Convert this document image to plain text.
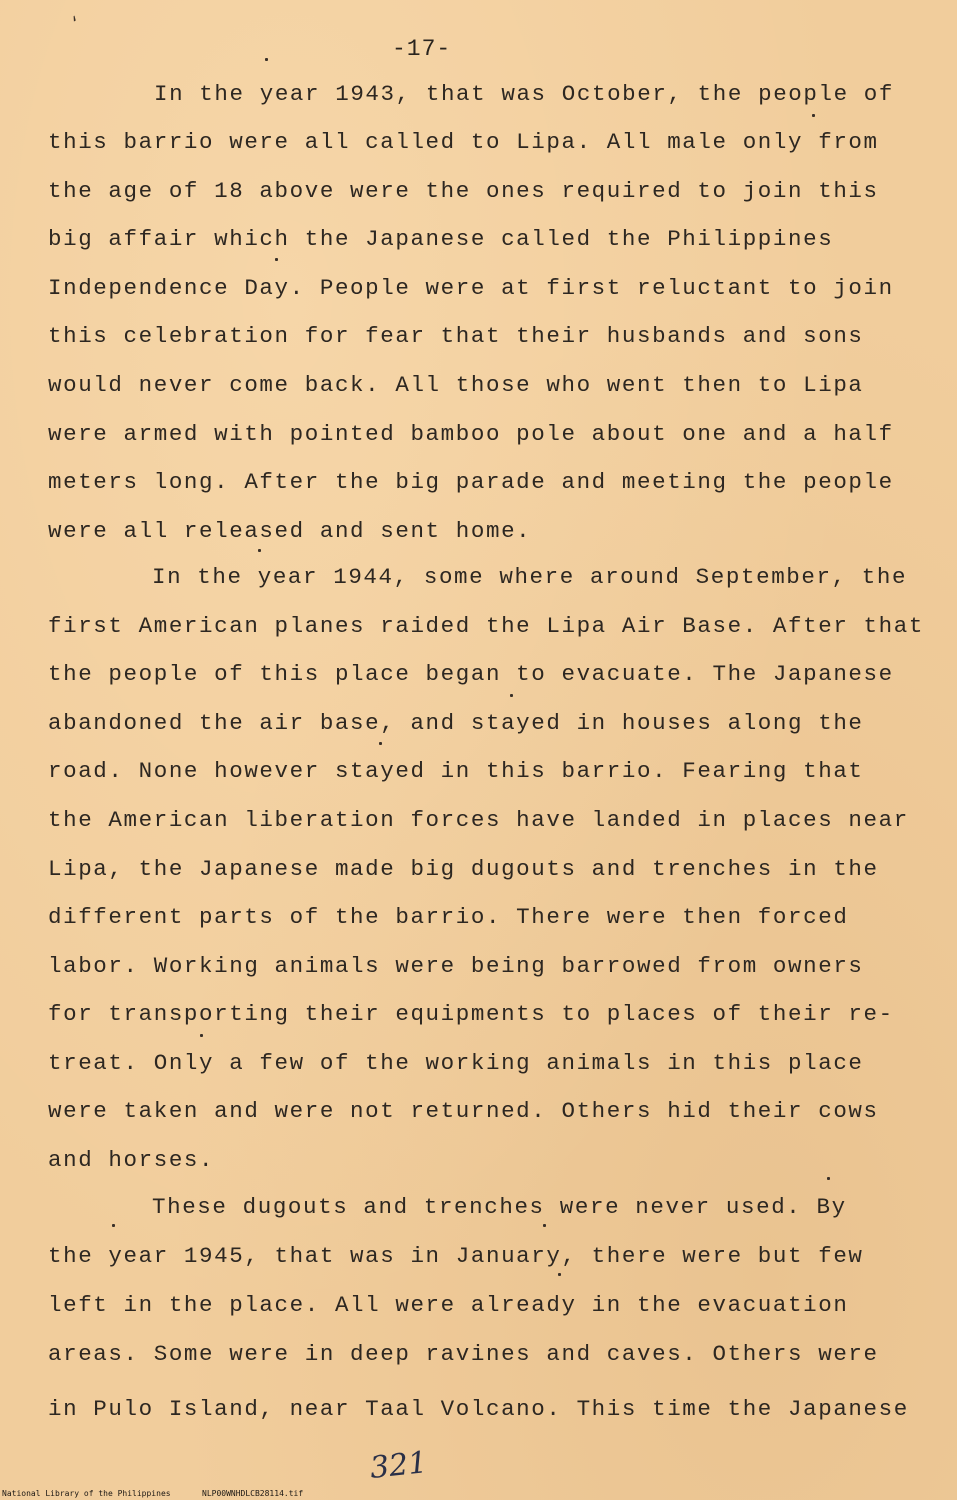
‘
-17-
In the year 1943, that was October, the people of
this barrio were all called to Lipa. All male only from
the age of 18 above were the ones required to join this
big affair which the Japanese called the Philippines
Independence Day. People were at first reluctant to join
this celebration for fear that their husbands and sons
would never come back. All those who went then to Lipa
were armed with pointed bamboo pole about one and a half
meters long. After the big parade and meeting the people
were all released and sent home.
In the year 1944, some where around September, the
first American planes raided the Lipa Air Base. After that
the people of this place began to evacuate. The Japanese
abandoned the air base, and stayed in houses along the
road. None however stayed in this barrio. Fearing that
the American liberation forces have landed in places near
Lipa, the Japanese made big dugouts and trenches in the
different parts of the barrio. There were then forced
labor. Working animals were being barrowed from owners
for transporting their equipments to places of their re-
treat. Only a few of the working animals in this place
were taken and were not returned. Others hid their cows
and horses.
These dugouts and trenches were never used. By
the year 1945, that was in January, there were but few
left in the place. All were already in the evacuation
areas. Some were in deep ravines and caves. Others were
in Pulo Island, near Taal Volcano. This time the Japanese
National Library of the Philippines	NLP00WNHDLCB28114.tif
321
